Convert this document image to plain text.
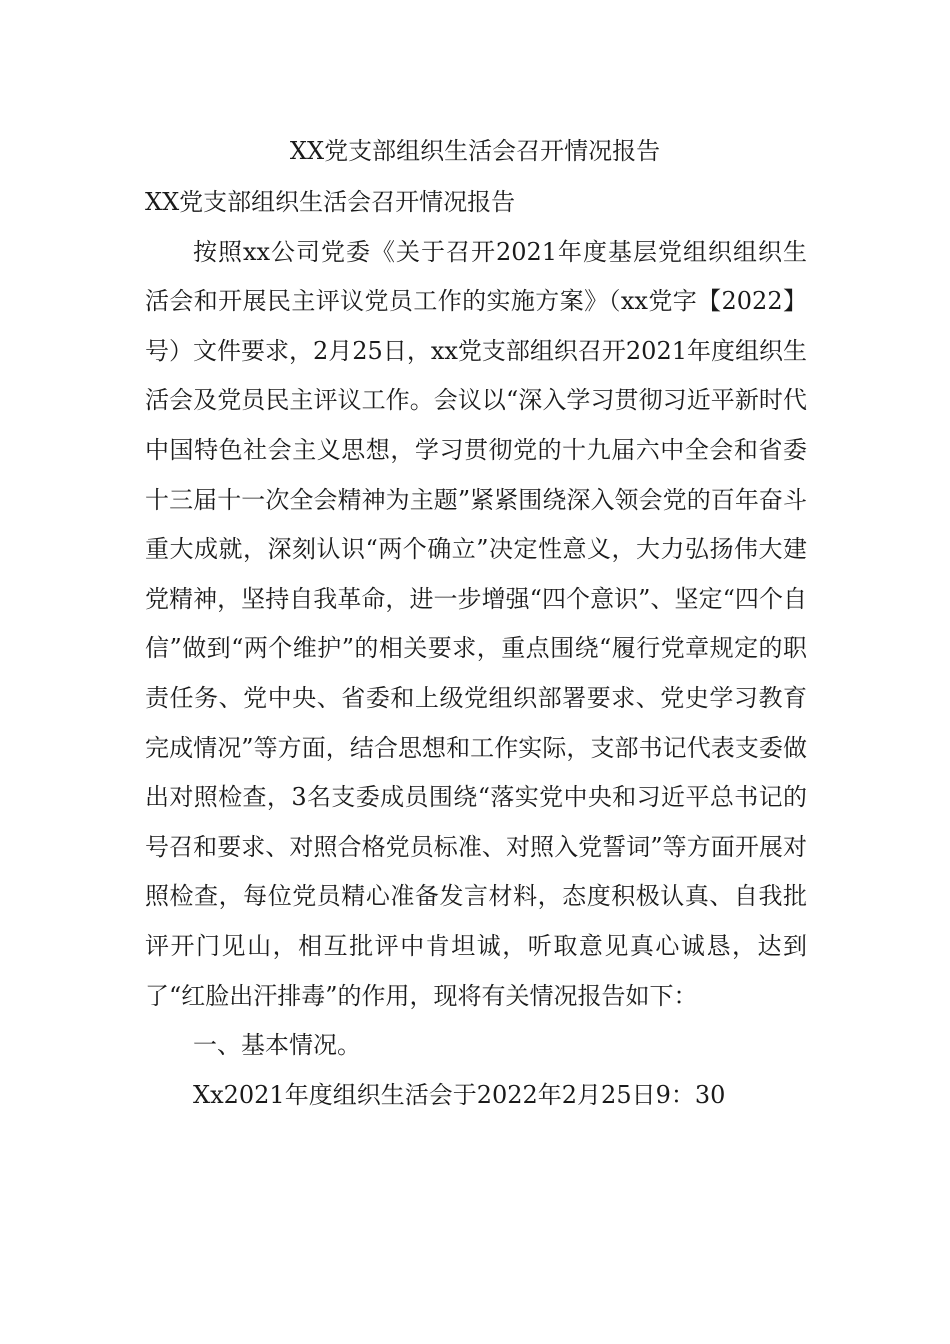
XX党支部组织生活会召开情况报告

XX党支部组织生活会召开情况报告

按照xx公司党委《关于召开2021年度基层党组织组织生活会和开展民主评议党员工作的实施方案》（xx党字【2022】号）文件要求，2月25日，xx党支部组织召开2021年度组织生活会及党员民主评议工作。会议以“深入学习贯彻习近平新时代中国特色社会主义思想，学习贯彻党的十九届六中全会和省委十三届十一次全会精神为主题”紧紧围绕深入领会党的百年奋斗重大成就，深刻认识“两个确立”决定性意义，大力弘扬伟大建党精神，坚持自我革命，进一步增强“四个意识”、坚定“四个自信”做到“两个维护”的相关要求，重点围绕“履行党章规定的职责任务、党中央、省委和上级党组织部署要求、党史学习教育完成情况”等方面，结合思想和工作实际，支部书记代表支委做出对照检查，3名支委成员围绕“落实党中央和习近平总书记的号召和要求、对照合格党员标准、对照入党誓词”等方面开展对照检查，每位党员精心准备发言材料，态度积极认真、自我批评开门见山，相互批评中肯坦诚，听取意见真心诚恳，达到了“红脸出汗排毒”的作用，现将有关情况报告如下：

一、基本情况。

Xx2021年度组织生活会于2022年2月25日9：30
